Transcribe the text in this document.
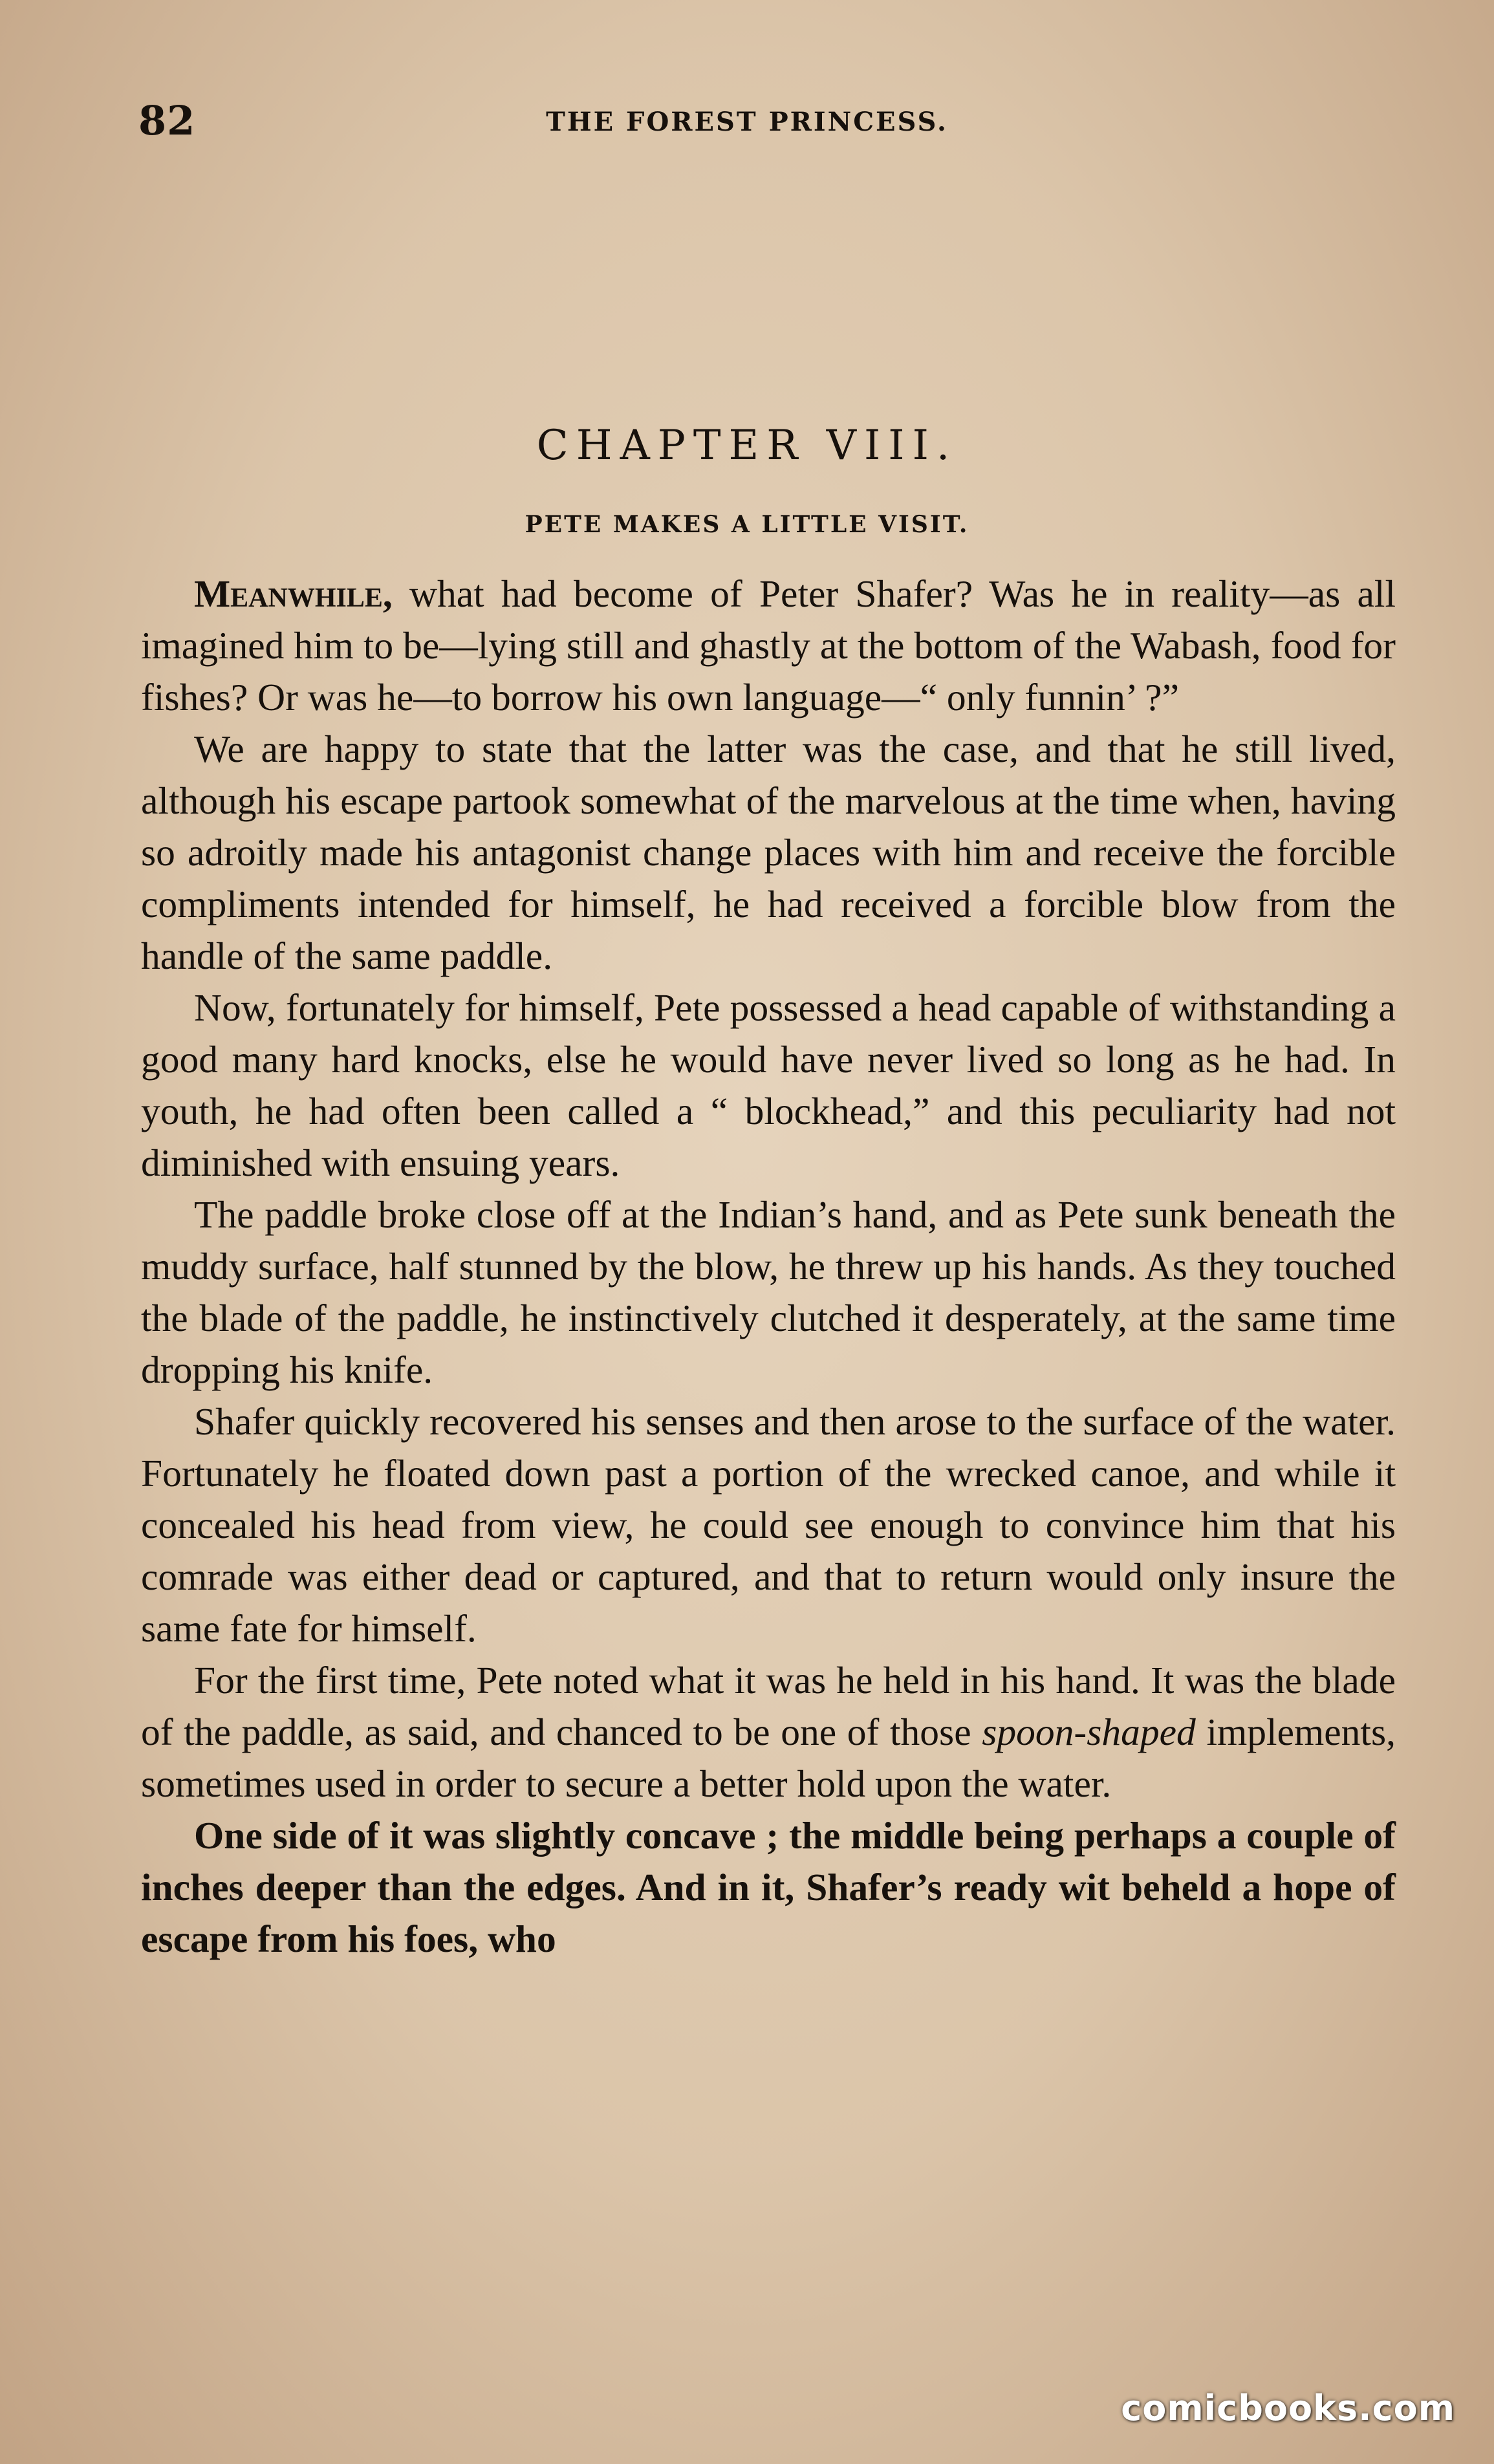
82	THE FOREST PRINCESS.
CHAPTER VIII.
PETE MAKES A LITTLE VISIT.

Meanwhile, what had become of Peter Shafer? Was he in reality—as all imagined him to be—lying still and ghastly at the bottom of the Wabash, food for fishes? Or was he—to borrow his own language—“ only funnin’ ?”

We are happy to state that the latter was the case, and that he still lived, although his escape partook somewhat of the marvelous at the time when, having so adroitly made his antagonist change places with him and receive the forcible compliments intended for himself, he had received a forcible blow from the handle of the same paddle.

Now, fortunately for himself, Pete possessed a head capable of withstanding a good many hard knocks, else he would have never lived so long as he had. In youth, he had often been called a “ blockhead,” and this peculiarity had not diminished with ensuing years.

The paddle broke close off at the Indian’s hand, and as Pete sunk beneath the muddy surface, half stunned by the blow, he threw up his hands. As they touched the blade of the paddle, he instinctively clutched it desperately, at the same time dropping his knife.

Shafer quickly recovered his senses and then arose to the surface of the water. Fortunately he floated down past a portion of the wrecked canoe, and while it concealed his head from view, he could see enough to convince him that his comrade was either dead or captured, and that to return would only insure the same fate for himself.

For the first time, Pete noted what it was he held in his hand. It was the blade of the paddle, as said, and chanced to be one of those spoon-shaped implements, sometimes used in order to secure a better hold upon the water.

One side of it was slightly concave ; the middle being perhaps a couple of inches deeper than the edges. And in it, Shafer’s ready wit beheld a hope of escape from his foes, who

comicbooks.com
